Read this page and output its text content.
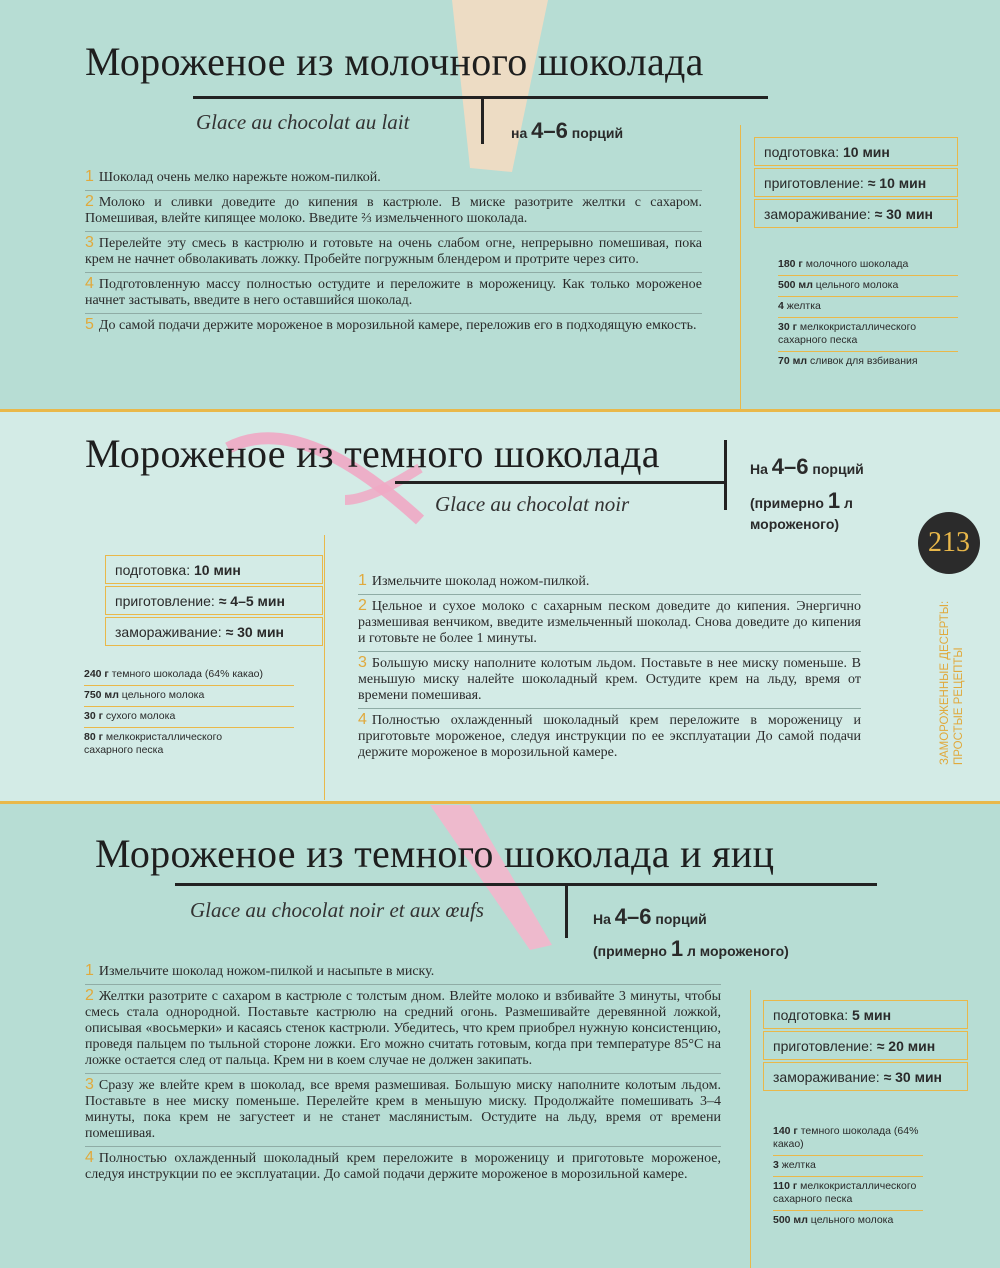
Мороженое из молочного шоколада
Glace au chocolat au lait	на 4–6 порций
1 Шоколад очень мелко нарежьте ножом-пилкой.
2 Молоко и сливки доведите до кипения в кастрюле. В миске разотрите желтки с сахаром. Помешивая, влейте кипящее молоко. Введите ⅔ измельченного шоколада.
3 Перелейте эту смесь в кастрюлю и готовьте на очень слабом огне, непрерывно помешивая, пока крем не начнет обволакивать ложку. Пробейте погружным блендером и протрите через сито.
4 Подготовленную массу полностью остудите и переложите в мороженицу. Как только мороженое начнет застывать, введите в него оставшийся шоколад.
5 До самой подачи держите мороженое в морозильной камере, переложив его в подходящую емкость.
подготовка: 10 мин
приготовление: ≈ 10 мин
замораживание: ≈ 30 мин
180 г молочного шоколада
500 мл цельного молока
4 желтка
30 г мелкокристаллического сахарного песка
70 мл сливок для взбивания
Мороженое из темного шоколада
Glace au chocolat noir
На 4–6 порций
(примерно 1 л мороженого)
подготовка: 10 мин
приготовление: ≈ 4–5 мин
замораживание: ≈ 30 мин
240 г темного шоколада (64% какао)
750 мл цельного молока
30 г сухого молока
80 г мелкокристаллического сахарного песка
1 Измельчите шоколад ножом-пилкой.
2 Цельное и сухое молоко с сахарным песком доведите до кипения. Энергично размешивая венчиком, введите измельченный шоколад. Снова доведите до кипения и готовьте не более 1 минуты.
3 Большую миску наполните колотым льдом. Поставьте в нее миску поменьше. В меньшую миску налейте шоколадный крем. Остудите крем на льду, время от времени помешивая.
4 Полностью охлажденный шоколадный крем переложите в мороженицу и приготовьте мороженое, следуя инструкции по ее эксплуатации До самой подачи держите мороженое в морозильной камере.
213
ЗАМОРОЖЕННЫЕ ДЕСЕРТЫ: ПРОСТЫЕ РЕЦЕПТЫ
Мороженое из темного шоколада и яиц
Glace au chocolat noir et aux œufs	На 4–6 порций
(примерно 1 л мороженого)
1 Измельчите шоколад ножом-пилкой и насыпьте в миску.
2 Желтки разотрите с сахаром в кастрюле с толстым дном. Влейте молоко и взбивайте 3 минуты, чтобы смесь стала однородной. Поставьте кастрюлю на средний огонь. Размешивайте деревянной ложкой, описывая «восьмерки» и касаясь стенок кастрюли. Убедитесь, что крем приобрел нужную консистенцию, проведя пальцем по тыльной стороне ложки. Его можно считать готовым, когда при температуре 85°C на ложке остается след от пальца. Крем ни в коем случае не должен закипать.
3 Сразу же влейте крем в шоколад, все время размешивая. Большую миску наполните колотым льдом. Поставьте в нее миску поменьше. Перелейте крем в меньшую миску. Продолжайте помешивать 3–4 минуты, пока крем не загустеет и не станет маслянистым. Остудите на льду, время от времени помешивая.
4 Полностью охлажденный шоколадный крем переложите в мороженицу и приготовьте мороженое, следуя инструкции по ее эксплуатации. До самой подачи держите мороженое в морозильной камере.
подготовка: 5 мин
приготовление: ≈ 20 мин
замораживание: ≈ 30 мин
140 г темного шоколада (64% какао)
3 желтка
110 г мелкокристаллического сахарного песка
500 мл цельного молока
